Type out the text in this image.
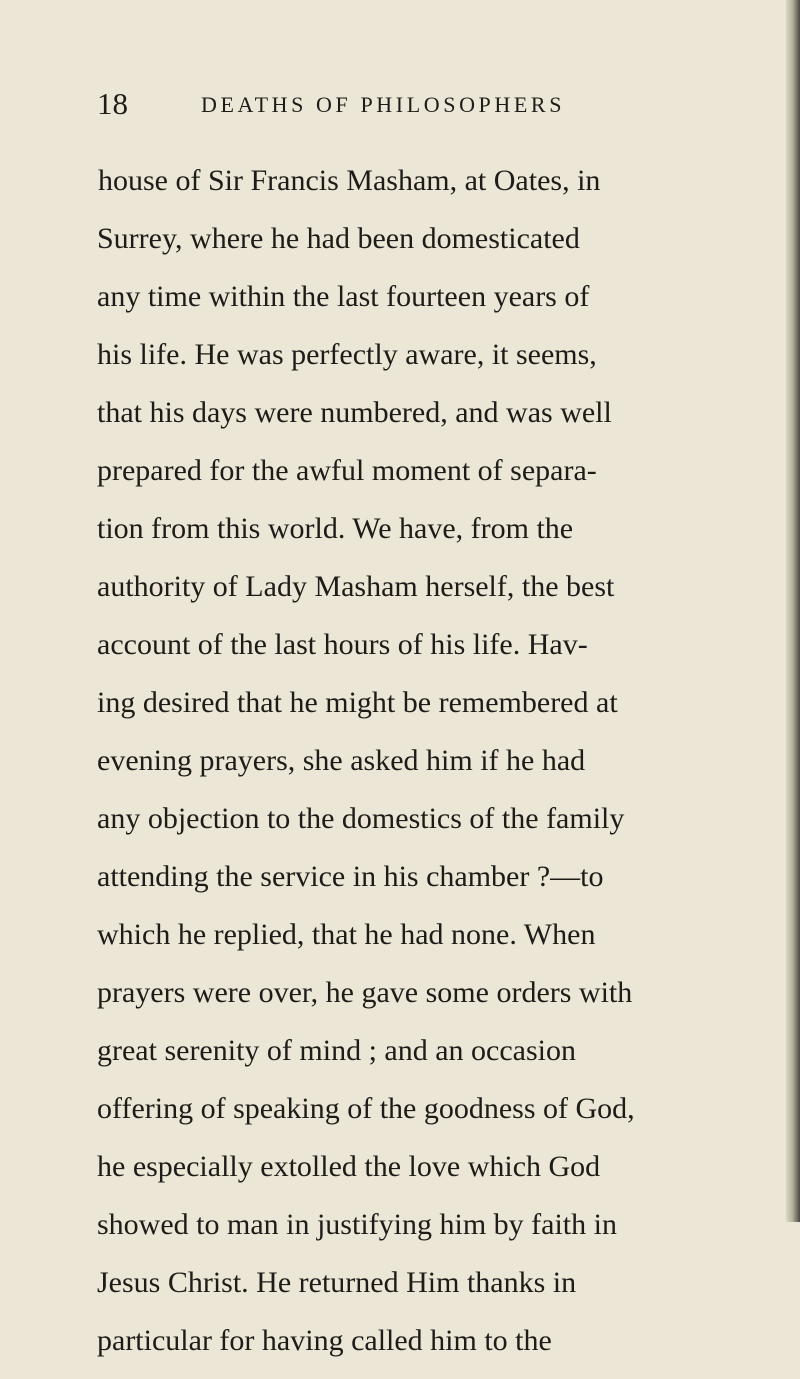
18	DEATHS OF PHILOSOPHERS
house of Sir Francis Masham, at Oates, in
Surrey, where he had been domesticated
any time within the last fourteen years of
his life. He was perfectly aware, it seems,
that his days were numbered, and was well
prepared for the awful moment of separa-
tion from this world. We have, from the
authority of Lady Masham herself, the best
account of the last hours of his life. Hav-
ing desired that he might be remembered at
evening prayers, she asked him if he had
any objection to the domestics of the family
attending the service in his chamber ?—to
which he replied, that he had none. When
prayers were over, he gave some orders with
great serenity of mind ; and an occasion
offering of speaking of the goodness of God,
he especially extolled the love which God
showed to man in justifying him by faith in
Jesus Christ. He returned Him thanks in
particular for having called him to the
